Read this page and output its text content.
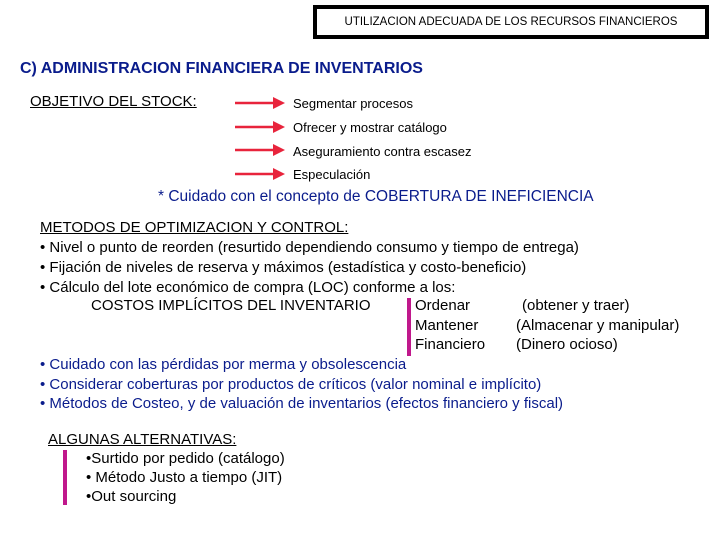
UTILIZACION ADECUADA DE LOS RECURSOS FINANCIEROS
C) ADMINISTRACION FINANCIERA DE INVENTARIOS
OBJETIVO DEL STOCK:	Segmentar procesos
Ofrecer y mostrar catálogo
Aseguramiento contra escasez
Especulación
* Cuidado con el concepto de COBERTURA DE INEFICIENCIA
METODOS DE OPTIMIZACION Y CONTROL:
• Nivel o punto de reorden (resurtido dependiendo consumo y tiempo de entrega)
• Fijación de niveles de reserva y máximos (estadística y costo-beneficio)
• Cálculo del lote económico de compra (LOC) conforme a los:
COSTOS IMPLÍCITOS DEL INVENTARIO	Ordenar	(obtener y traer)
Mantener	(Almacenar y manipular)
Financiero (Dinero ocioso)
• Cuidado con las pérdidas por merma y obsolescencia
• Considerar coberturas por productos de críticos (valor nominal e implícito)
• Métodos de Costeo, y de valuación de inventarios (efectos financiero y fiscal)
ALGUNAS ALTERNATIVAS:
•Surtido por pedido (catálogo)
• Método Justo a tiempo (JIT)
•Out sourcing
